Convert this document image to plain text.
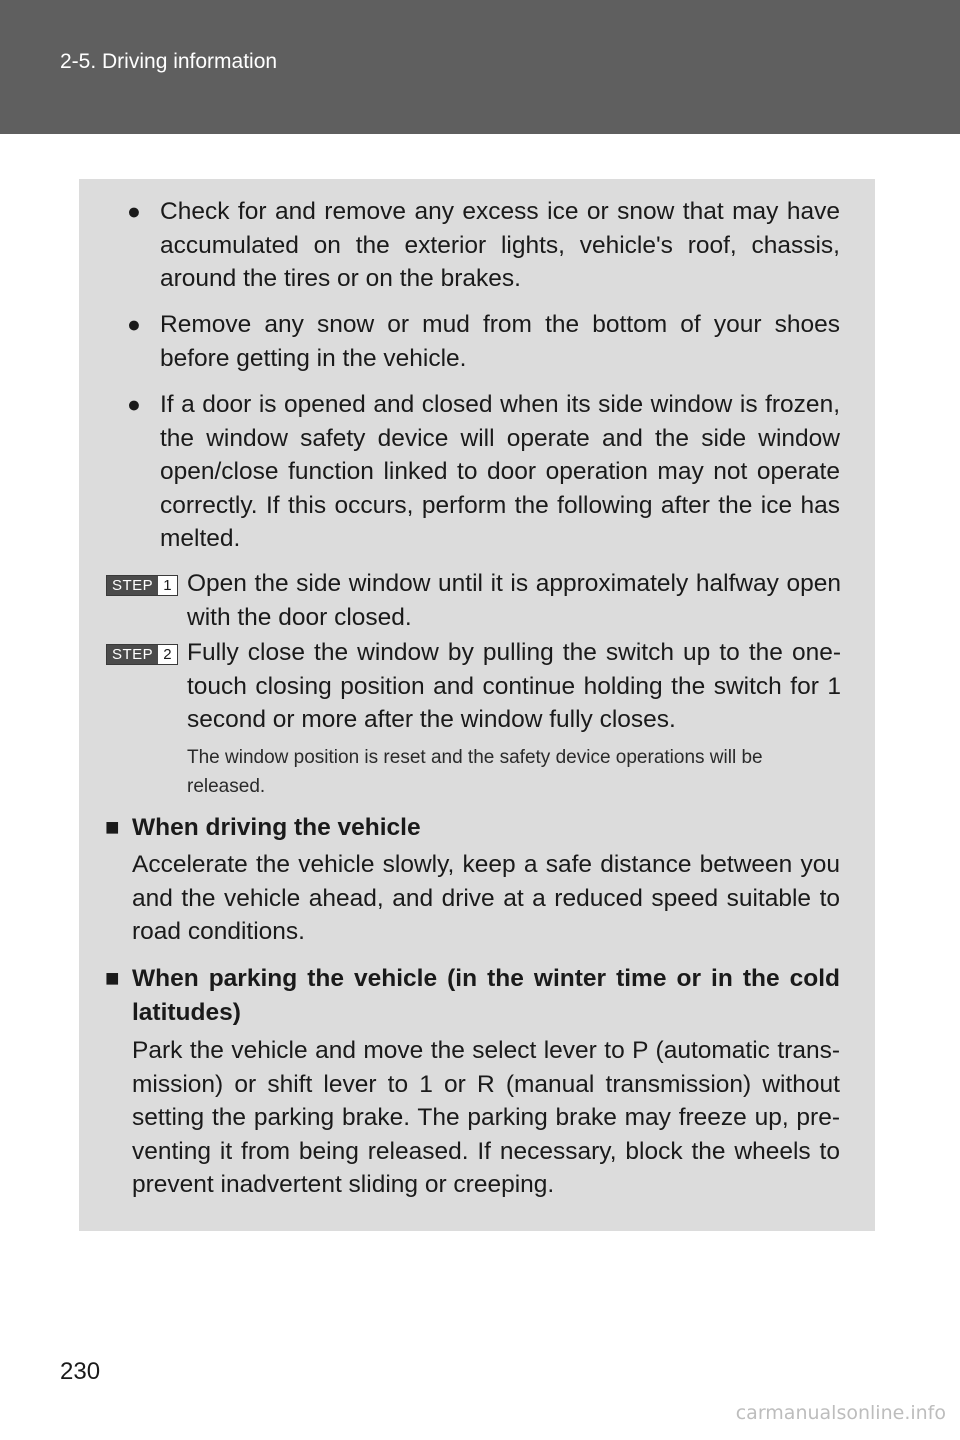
2-5. Driving information
● Check for and remove any excess ice or snow that may have accumulated on the exterior lights, vehicle's roof, chassis, around the tires or on the brakes.
● Remove any snow or mud from the bottom of your shoes before getting in the vehicle.
● If a door is opened and closed when its side window is frozen, the window safety device will operate and the side window open/close function linked to door operation may not operate correctly. If this occurs, perform the following after the ice has melted.
STEP 1 Open the side window until it is approximately halfway open with the door closed.
STEP 2 Fully close the window by pulling the switch up to the one-touch closing position and continue holding the switch for 1 second or more after the window fully closes.
The window position is reset and the safety device operations will be released.
■ When driving the vehicle
Accelerate the vehicle slowly, keep a safe distance between you and the vehicle ahead, and drive at a reduced speed suitable to road conditions.
■ When parking the vehicle (in the winter time or in the cold latitudes)
Park the vehicle and move the select lever to P (automatic trans-mission) or shift lever to 1 or R (manual transmission) without setting the parking brake. The parking brake may freeze up, pre-venting it from being released. If necessary, block the wheels to prevent inadvertent sliding or creeping.
230
carmanualsonline.info
